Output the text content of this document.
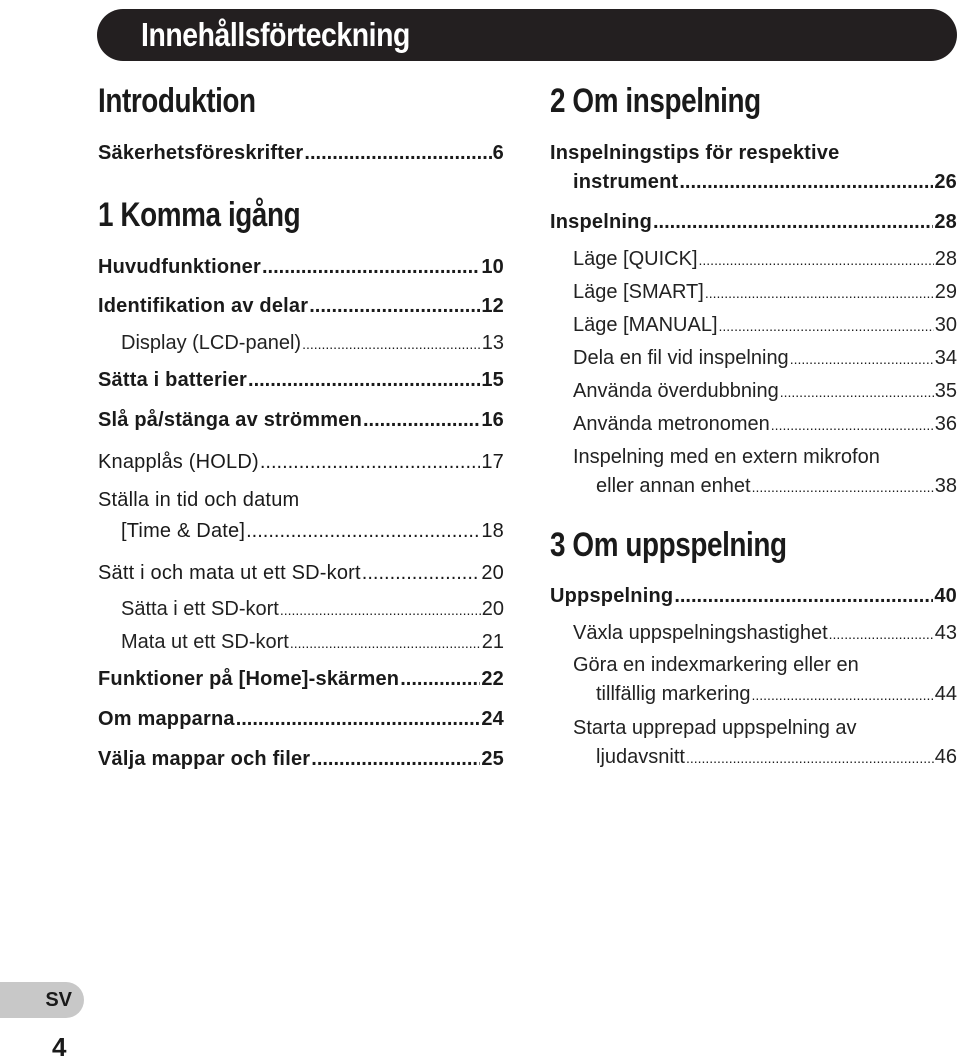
Innehållsförteckning
Introduktion
Säkerhetsföreskrifter .....	6
1 Komma igång
Huvudfunktioner .....	10
Identifikation av delar .....	12
Display (LCD-panel) .....	13
Sätta i batterier .....	15
Slå på/stänga av strömmen .....	16
Knapplås (HOLD) .....	17
Ställa in tid och datum
[Time & Date] .....	18
Sätt i och mata ut ett SD-kort .....	20
Sätta i ett SD-kort .....	20
Mata ut ett SD-kort .....	21
Funktioner på [Home]-skärmen .....	22
Om mapparna .....	24
Välja mappar och filer .....	25
2 Om inspelning
Inspelningstips för respektive
instrument .....	26
Inspelning .....	28
Läge [QUICK] .....	28
Läge [SMART] .....	29
Läge [MANUAL] .....	30
Dela en fil vid inspelning .....	34
Använda överdubbning .....	35
Använda metronomen .....	36
Inspelning med en extern mikrofon
eller annan enhet .....	38
3 Om uppspelning
Uppspelning .....	40
Växla uppspelningshastighet .....	43
Göra en indexmarkering eller en
tillfällig markering .....	44
Starta upprepad uppspelning av
ljudavsnitt .....	46
SV
4
